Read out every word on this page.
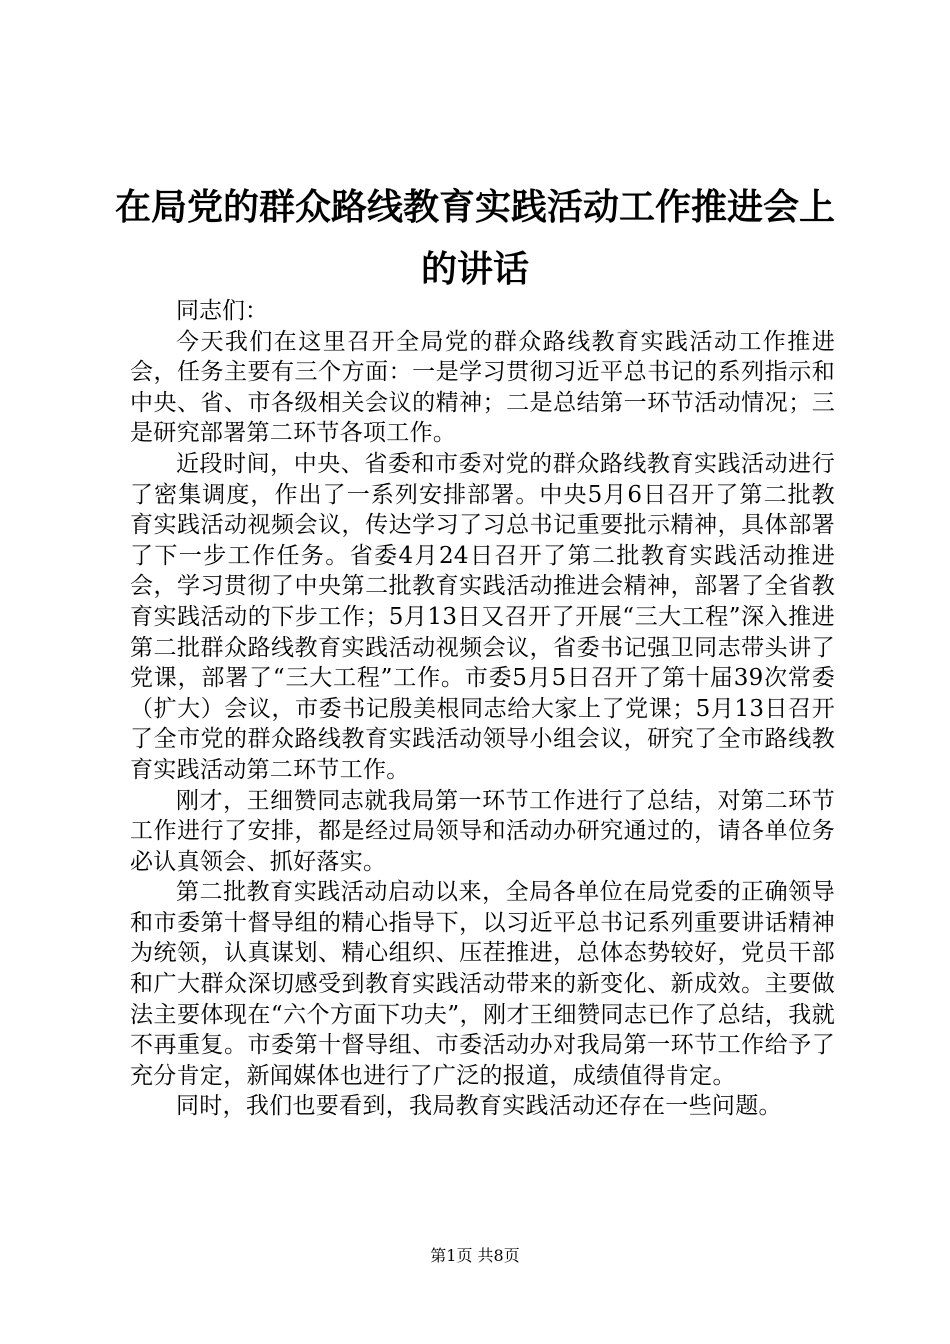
在局党的群众路线教育实践活动工作推进会上的讲话

同志们：

今天我们在这里召开全局党的群众路线教育实践活动工作推进会，任务主要有三个方面：一是学习贯彻习近平总书记的系列指示和中央、省、市各级相关会议的精神；二是总结第一环节活动情况；三是研究部署第二环节各项工作。

近段时间，中央、省委和市委对党的群众路线教育实践活动进行了密集调度，作出了一系列安排部署。中央5月6日召开了第二批教育实践活动视频会议，传达学习了习总书记重要批示精神，具体部署了下一步工作任务。省委4月24日召开了第二批教育实践活动推进会，学习贯彻了中央第二批教育实践活动推进会精神，部署了全省教育实践活动的下步工作；5月13日又召开了开展“三大工程”深入推进第二批群众路线教育实践活动视频会议，省委书记强卫同志带头讲了党课，部署了“三大工程”工作。市委5月5日召开了第十届39次常委（扩大）会议，市委书记殷美根同志给大家上了党课；5月13日召开了全市党的群众路线教育实践活动领导小组会议，研究了全市路线教育实践活动第二环节工作。

刚才，王细赞同志就我局第一环节工作进行了总结，对第二环节工作进行了安排，都是经过局领导和活动办研究通过的，请各单位务必认真领会、抓好落实。

第二批教育实践活动启动以来，全局各单位在局党委的正确领导和市委第十督导组的精心指导下，以习近平总书记系列重要讲话精神为统领，认真谋划、精心组织、压茬推进，总体态势较好，党员干部和广大群众深切感受到教育实践活动带来的新变化、新成效。主要做法主要体现在“六个方面下功夫”，刚才王细赞同志已作了总结，我就不再重复。市委第十督导组、市委活动办对我局第一环节工作给予了充分肯定，新闻媒体也进行了广泛的报道，成绩值得肯定。

同时，我们也要看到，我局教育实践活动还存在一些问题。

第1页 共8页
